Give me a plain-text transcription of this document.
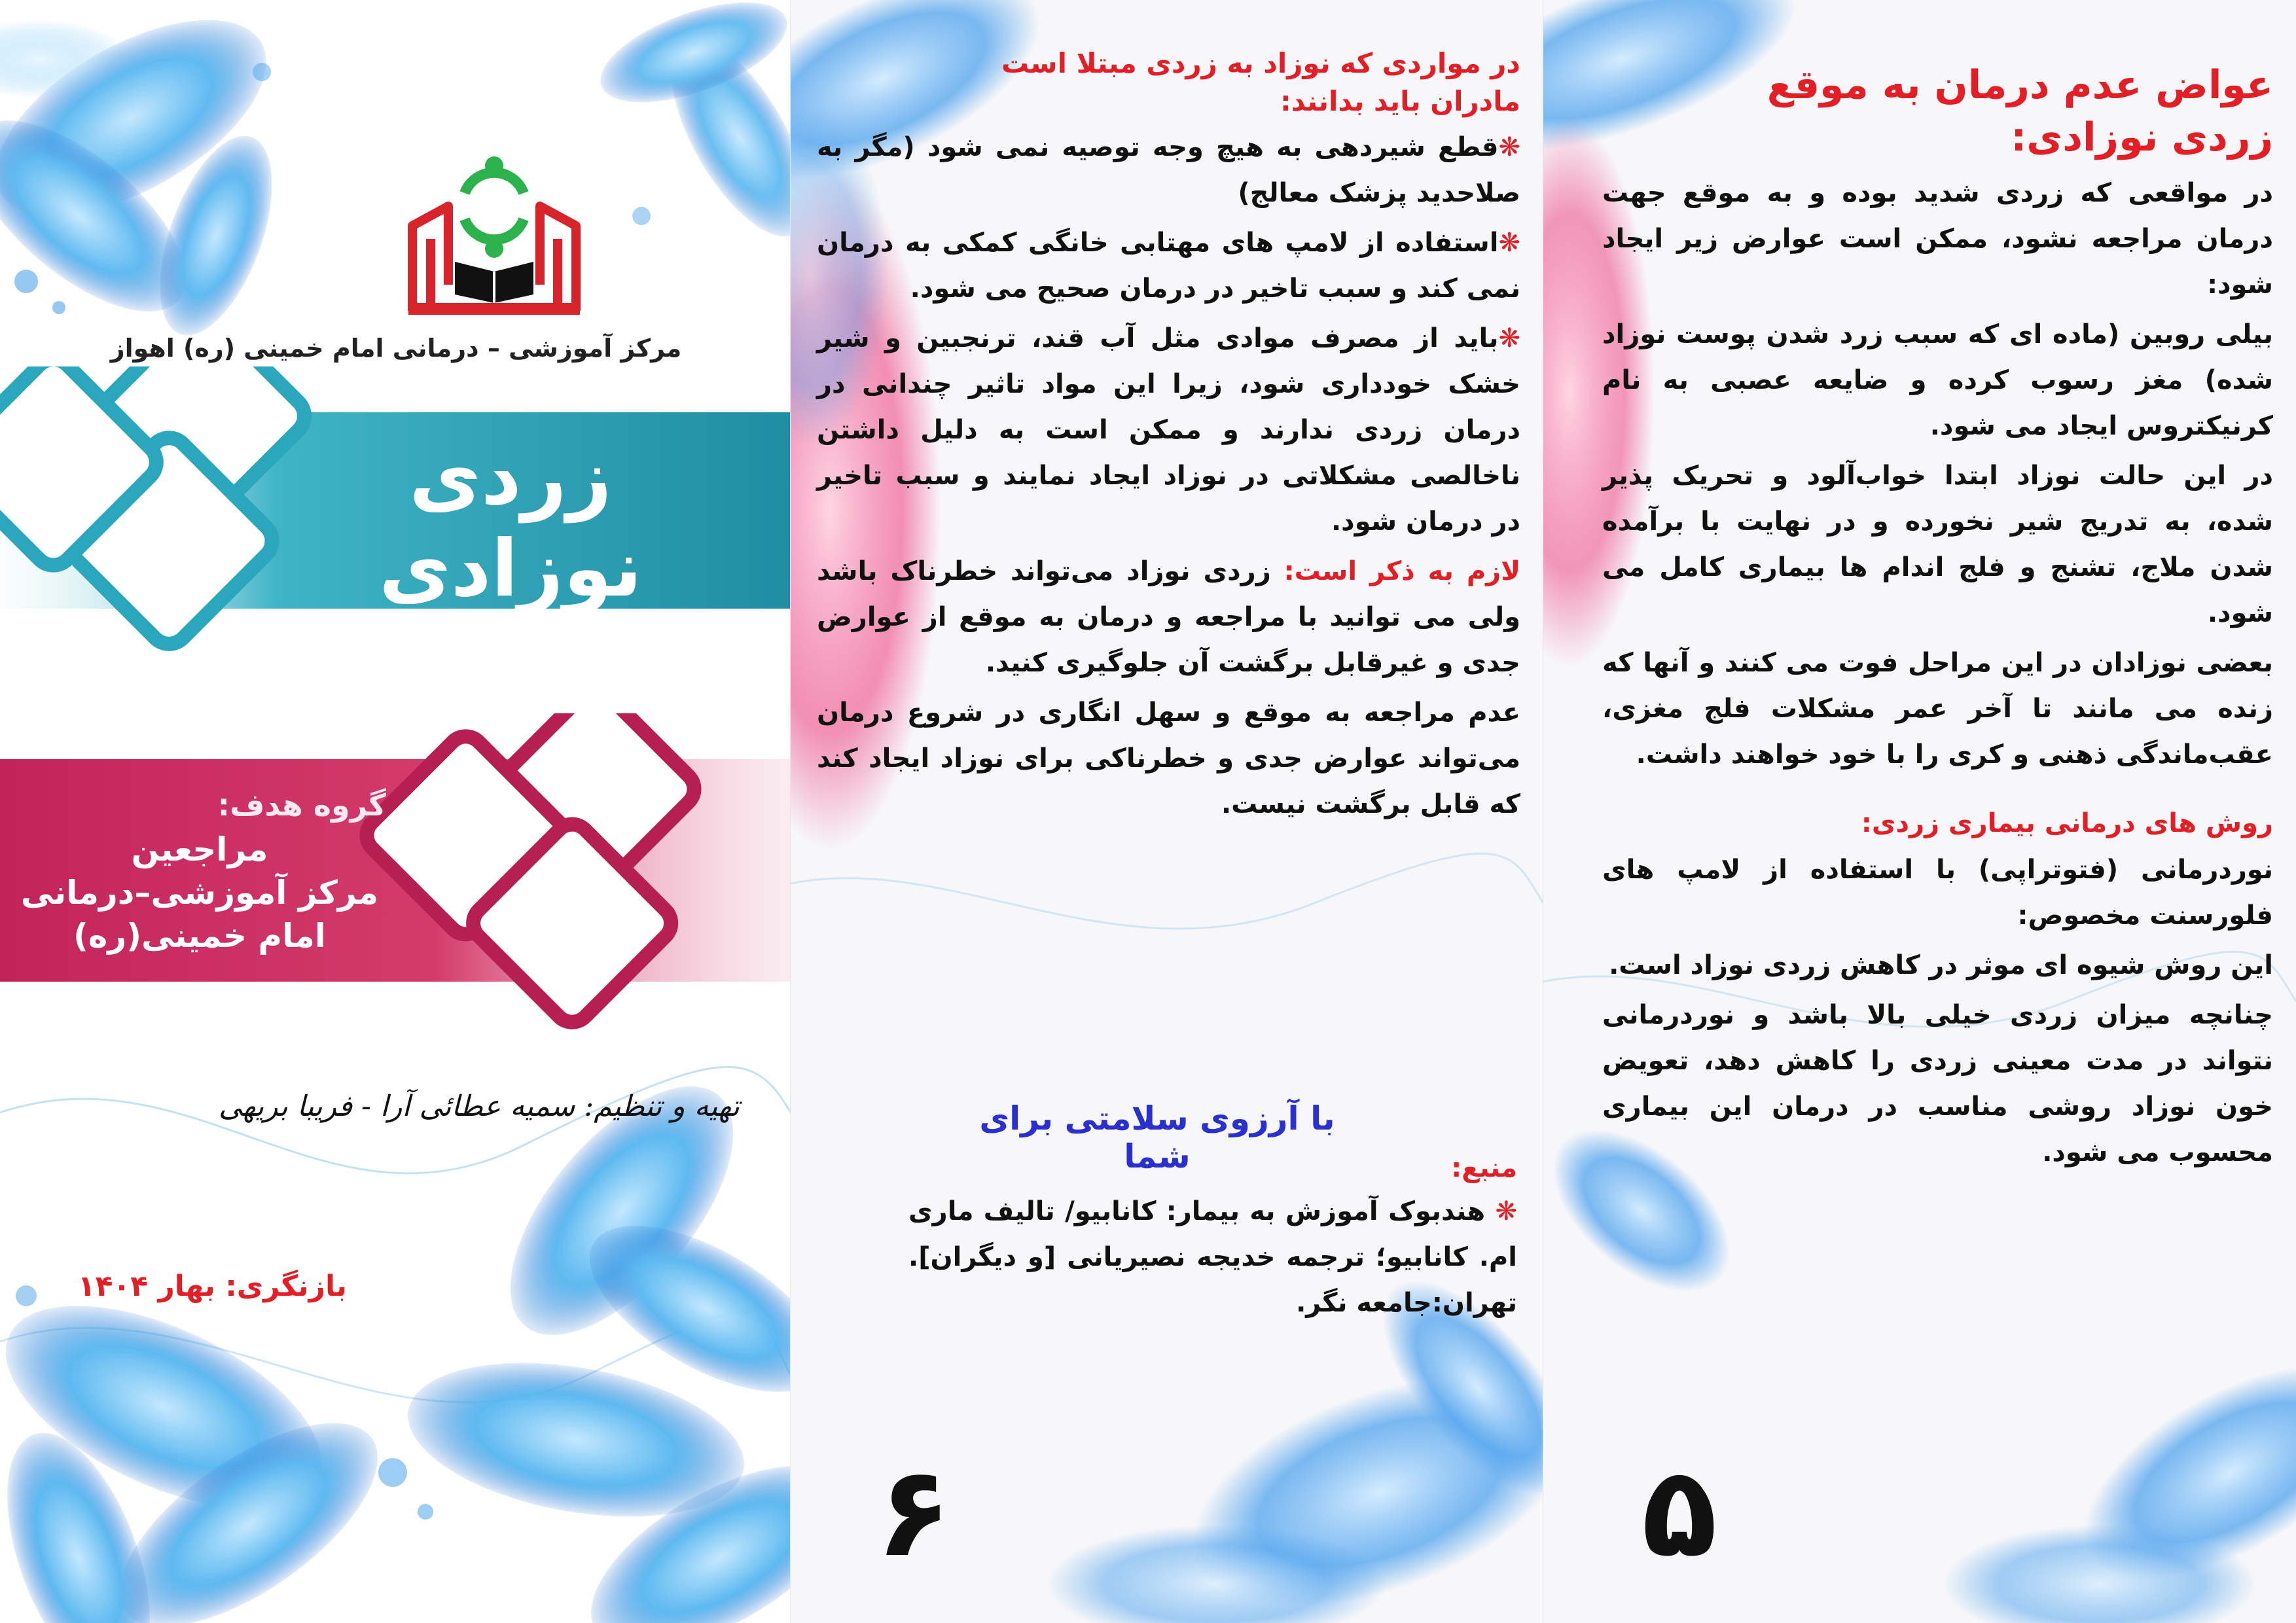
مرکز آموزشی – درمانی امام خمینی (ره) اهواز
زردی
نوزادی
گروه هدف:
مراجعین
مرکز آموزشی–درمانی
امام خمینی(ره)
تهیه و تنظیم: سمیه عطائی آرا - فریبا بریهی
بازنگری: بهار ۱۴۰۴

در مواردی که نوزاد به زردی مبتلا است
مادران باید بدانند:

❋قطع شیردهی به هیچ وجه توصیه نمی شود (مگر به صلاحدید پزشک معالج)

❋استفاده از لامپ های مهتابی خانگی کمکی به درمان نمی کند و سبب تاخیر در درمان صحیح می شود.

❋باید از مصرف موادی مثل آب قند، ترنجبین و شیر خشک خودداری شود، زیرا این مواد تاثیر چندانی در درمان زردی ندارند و ممکن است به دلیل داشتن ناخالصی مشکلاتی در نوزاد ایجاد نمایند و سبب تاخیر در درمان شود.

لازم به ذکر است: زردی نوزاد می‌تواند خطرناک باشد ولی می توانید با مراجعه و درمان به موقع از عوارض جدی و غیرقابل برگشت آن جلوگیری کنید.

عدم مراجعه به موقع و سهل انگاری در شروع درمان می‌تواند عوارض جدی و خطرناکی برای نوزاد ایجاد کند که قابل برگشت نیست.

با آرزوی سلامتی برای شما	منبع:

❋ هندبوک آموزش به بیمار: کانابیو/ تالیف ماری ام. کانابیو؛ ترجمه خدیجه نصیریانی [و دیگران]. تهران:جامعه نگر.

۶

عواض عدم درمان به موقع
زردی نوزادی:

در مواقعی که زردی شدید بوده و به موقع جهت درمان مراجعه نشود، ممکن است عوارض زیر ایجاد شود:

بیلی روبین (ماده ای که سبب زرد شدن پوست نوزاد شده) مغز رسوب کرده و ضایعه عصبی به نام کرنیکتروس ایجاد می شود.

در این حالت نوزاد ابتدا خواب‌آلود و تحریک پذیر شده، به تدریج شیر نخورده و در نهایت با برآمده شدن ملاج، تشنج و فلج اندام ها بیماری کامل می شود.

بعضی نوزادان در این مراحل فوت می کنند و آنها که زنده می مانند تا آخر عمر مشکلات فلج مغزی، عقب‌ماندگی ذهنی و کری را با خود خواهند داشت.

روش های درمانی بیماری زردی:

نوردرمانی (فتوتراپی) با استفاده از لامپ های فلورسنت مخصوص:

این روش شیوه ای موثر در کاهش زردی نوزاد است.

چنانچه میزان زردی خیلی بالا باشد و نوردرمانی نتواند در مدت معینی زردی را کاهش دهد، تعویض خون نوزاد روشی مناسب در درمان این بیماری محسوب می شود.

۵
